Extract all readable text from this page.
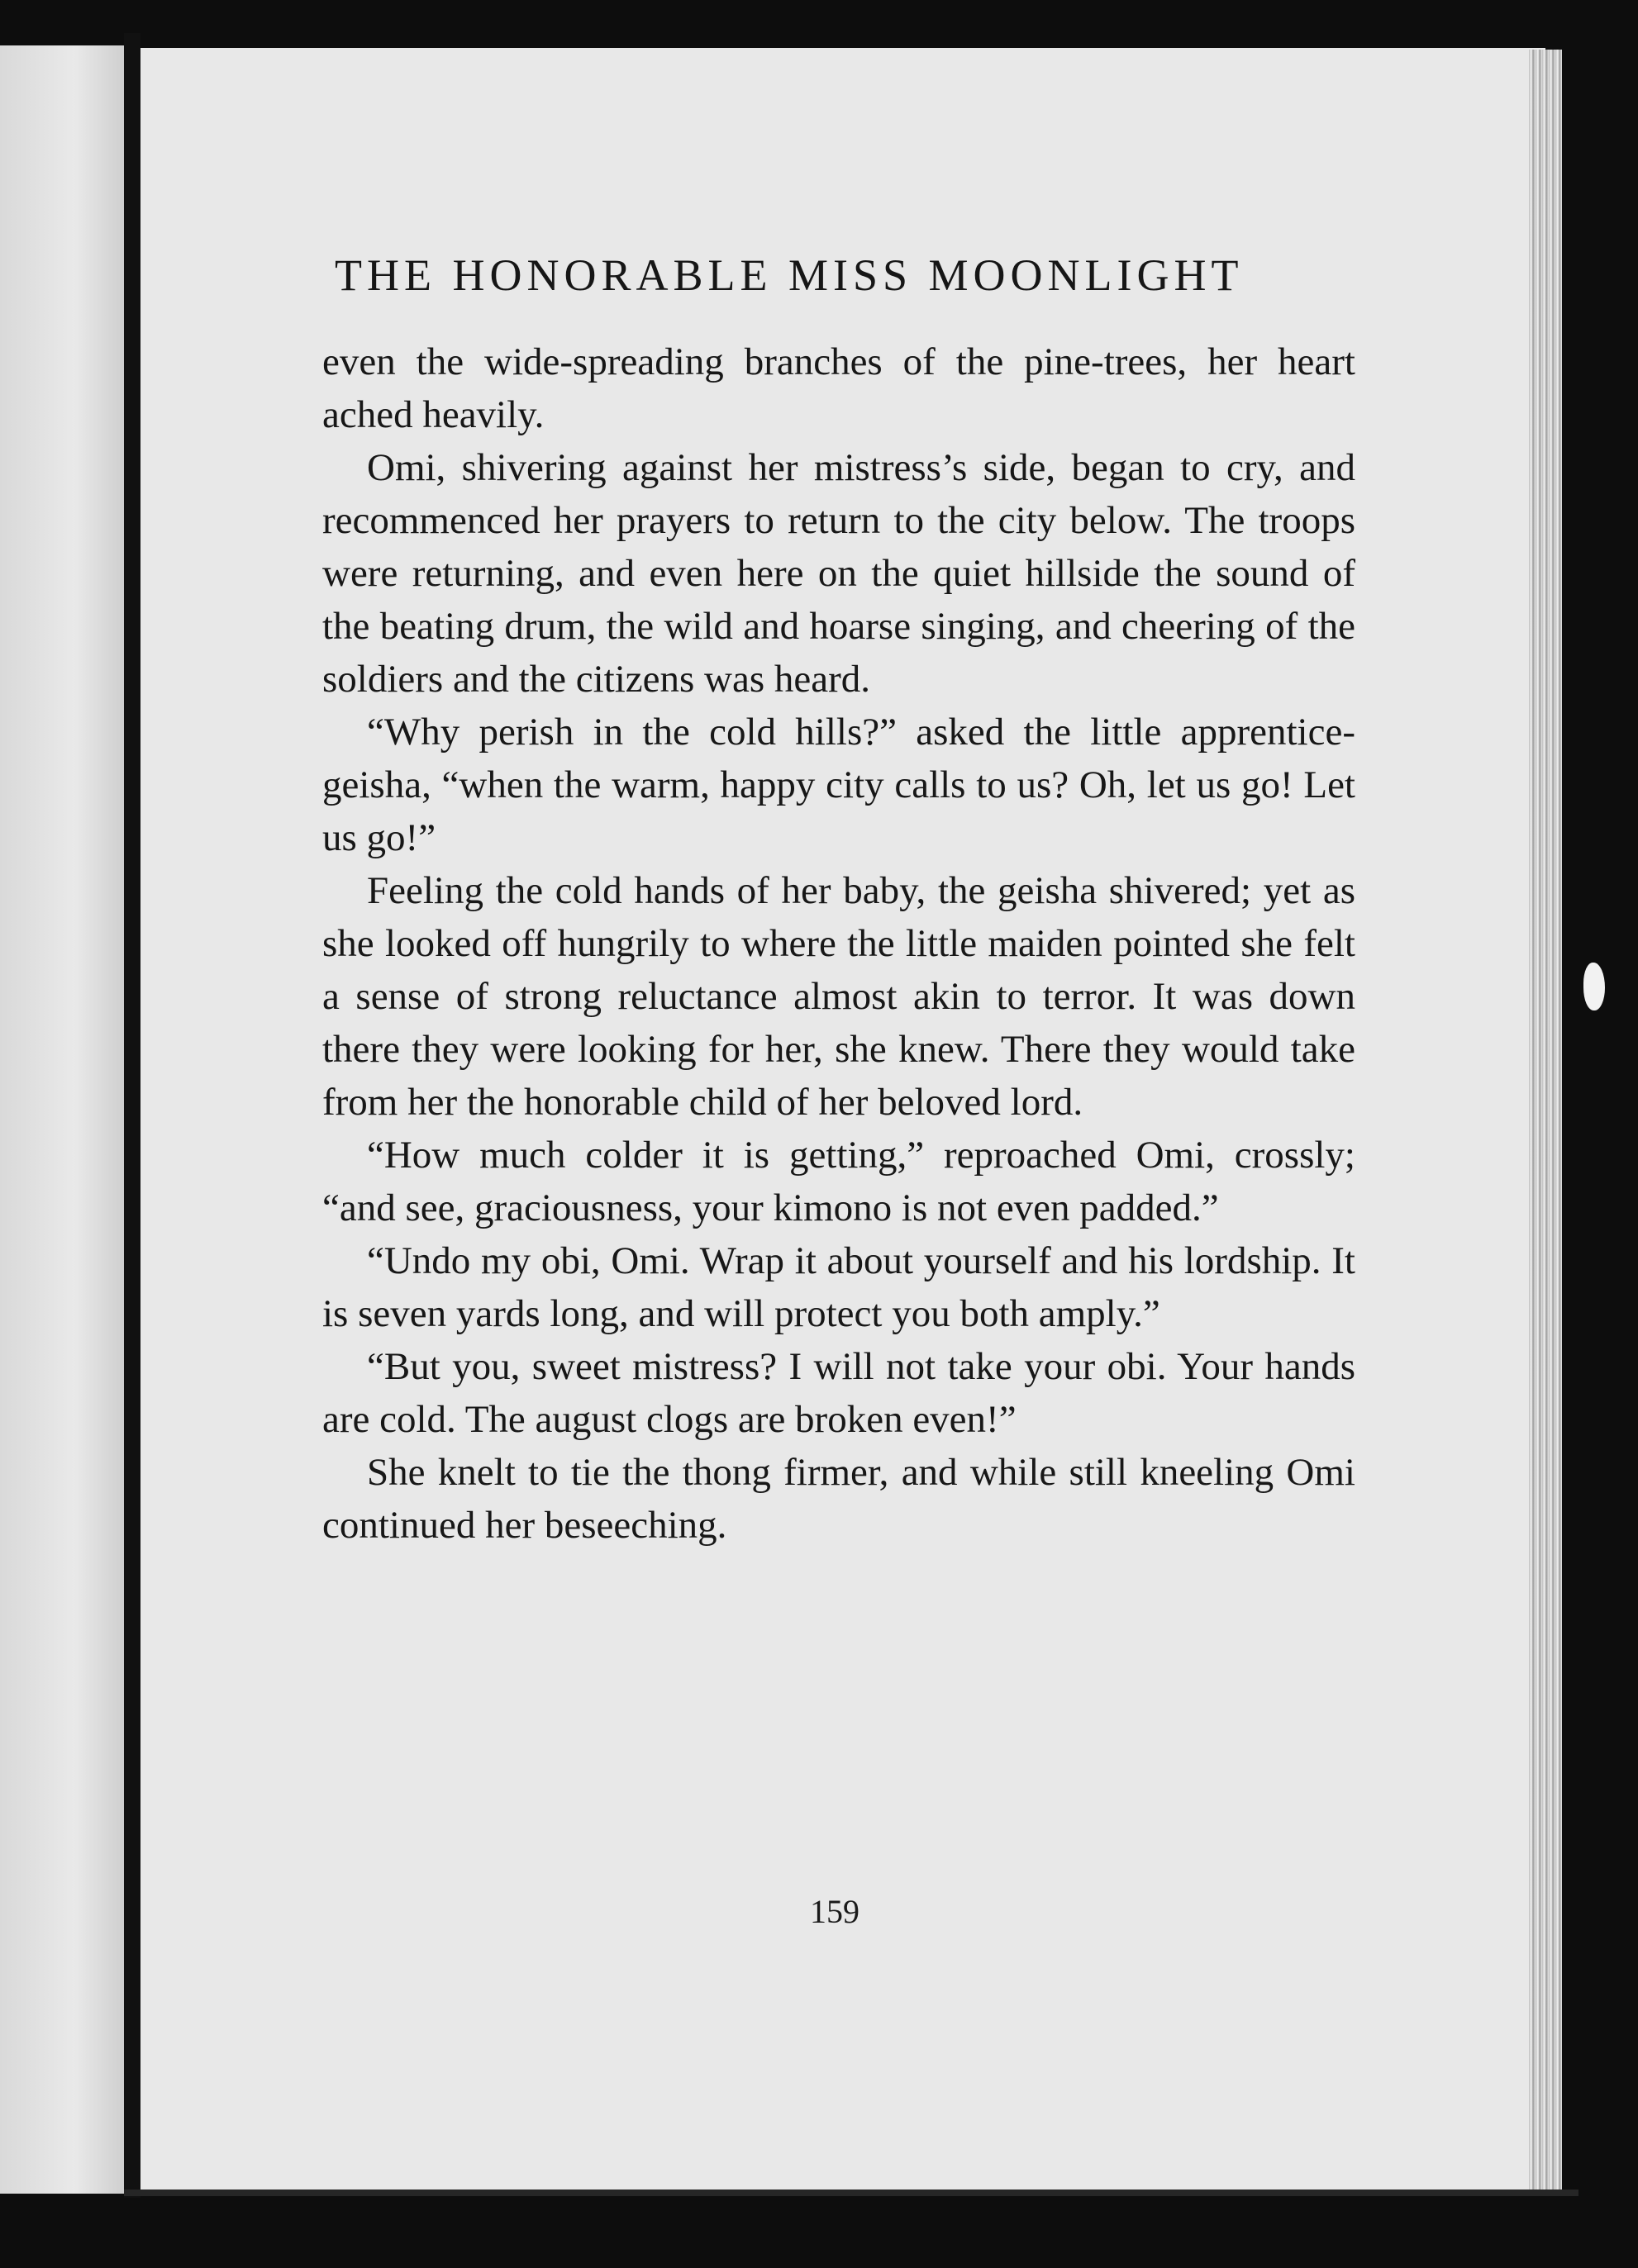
THE HONORABLE MISS MOONLIGHT

even the wide-spreading branches of the pine-trees, her heart ached heavily.

Omi, shivering against her mistress’s side, began to cry, and recommenced her prayers to return to the city below. The troops were returning, and even here on the quiet hillside the sound of the beating drum, the wild and hoarse singing, and cheering of the soldiers and the citizens was heard.

“Why perish in the cold hills?” asked the little apprentice-geisha, “when the warm, happy city calls to us? Oh, let us go! Let us go!”

Feeling the cold hands of her baby, the geisha shivered; yet as she looked off hungrily to where the little maiden pointed she felt a sense of strong reluctance almost akin to terror. It was down there they were looking for her, she knew. There they would take from her the honorable child of her beloved lord.

“How much colder it is getting,” reproached Omi, crossly; “and see, graciousness, your kimono is not even padded.”

“Undo my obi, Omi. Wrap it about yourself and his lordship. It is seven yards long, and will protect you both amply.”

“But you, sweet mistress? I will not take your obi. Your hands are cold. The august clogs are broken even!”

She knelt to tie the thong firmer, and while still kneeling Omi continued her beseeching.

159
